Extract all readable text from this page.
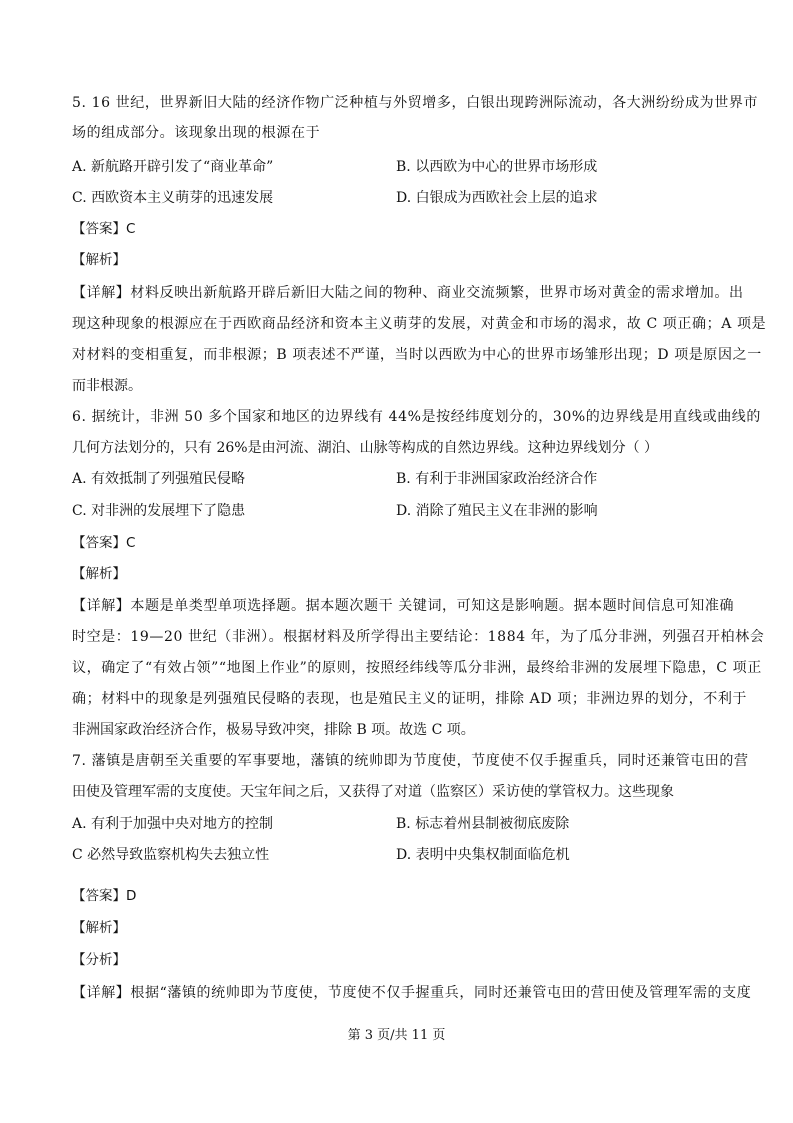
5. 16 世纪，世界新旧大陆的经济作物广泛种植与外贸增多，白银出现跨洲际流动，各大洲纷纷成为世界市
场的组成部分。该现象出现的根源在于
A. 新航路开辟引发了“商业革命”	B. 以西欧为中心的世界市场形成
C. 西欧资本主义萌芽的迅速发展	D. 白银成为西欧社会上层的追求
【答案】C
【解析】
【详解】材料反映出新航路开辟后新旧大陆之间的物种、商业交流频繁，世界市场对黄金的需求增加。出
现这种现象的根源应在于西欧商品经济和资本主义萌芽的发展，对黄金和市场的渴求，故 C 项正确；A 项是
对材料的变相重复，而非根源；B 项表述不严谨，当时以西欧为中心的世界市场雏形出现；D 项是原因之一
而非根源。
6. 据统计，非洲 50 多个国家和地区的边界线有 44%是按经纬度划分的，30%的边界线是用直线或曲线的
几何方法划分的，只有 26%是由河流、湖泊、山脉等构成的自然边界线。这种边界线划分（ ）
A. 有效抵制了列强殖民侵略	B. 有利于非洲国家政治经济合作
C. 对非洲的发展埋下了隐患	D. 消除了殖民主义在非洲的影响
【答案】C
【解析】
【详解】本题是单类型单项选择题。据本题次题干 关键词，可知这是影响题。据本题时间信息可知准确
时空是：19—20 世纪（非洲）。根据材料及所学得出主要结论：1884 年，为了瓜分非洲，列强召开柏林会
议，确定了“有效占领”“地图上作业”的原则，按照经纬线等瓜分非洲，最终给非洲的发展埋下隐患，C 项正
确；材料中的现象是列强殖民侵略的表现，也是殖民主义的证明，排除 AD 项；非洲边界的划分，不利于
非洲国家政治经济合作，极易导致冲突，排除 B 项。故选 C 项。
7. 藩镇是唐朝至关重要的军事要地，藩镇的统帅即为节度使，节度使不仅手握重兵，同时还兼管屯田的营
田使及管理军需的支度使。天宝年间之后，又获得了对道（监察区）采访使的掌管权力。这些现象
A. 有利于加强中央对地方的控制	B. 标志着州县制被彻底废除
C 必然导致监察机构失去独立性	D. 表明中央集权制面临危机
【答案】D
【解析】
【分析】
【详解】根据“藩镇的统帅即为节度使，节度使不仅手握重兵，同时还兼管屯田的营田使及管理军需的支度
第 3 页/共 11 页
